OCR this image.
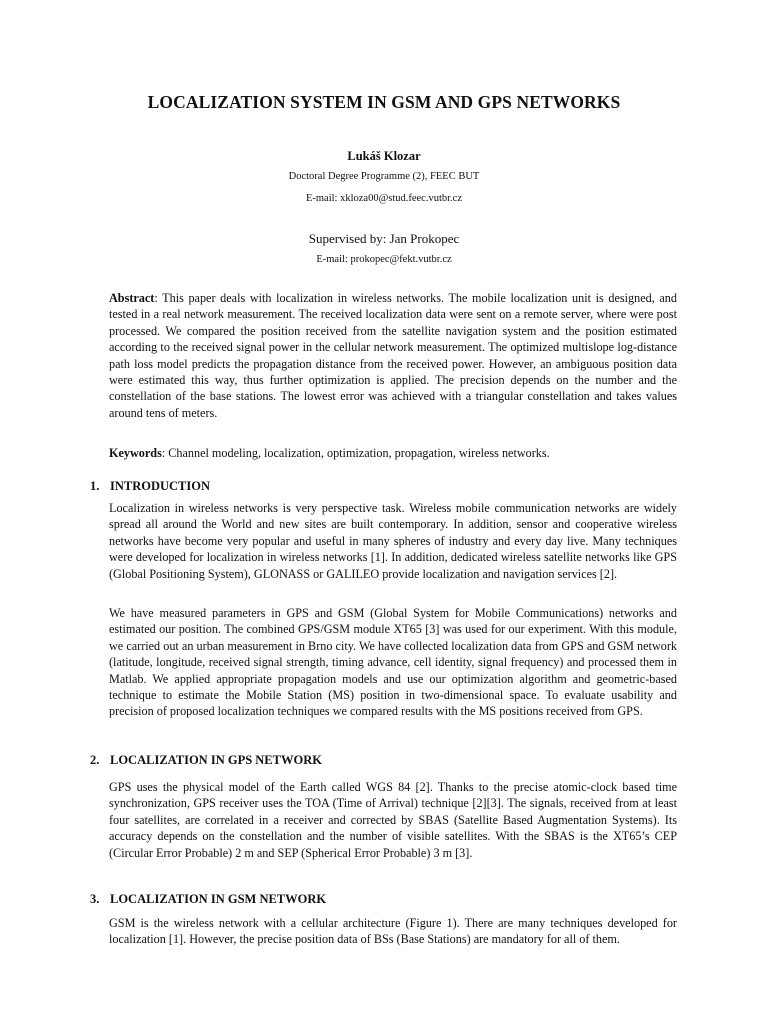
LOCALIZATION SYSTEM IN GSM AND GPS NETWORKS
Lukáš Klozar
Doctoral Degree Programme (2), FEEC BUT
E-mail: xkloza00@stud.feec.vutbr.cz
Supervised by: Jan Prokopec
E-mail: prokopec@fekt.vutbr.cz

Abstract: This paper deals with localization in wireless networks. The mobile localization unit is designed, and tested in a real network measurement. The received localization data were sent on a remote server, where were post processed. We compared the position received from the satellite navigation system and the position estimated according to the received signal power in the cellular network measurement. The optimized multislope log-distance path loss model predicts the propagation distance from the received power. However, an ambiguous position data were estimated this way, thus further optimization is applied. The precision depends on the number and the constellation of the base stations. The lowest error was achieved with a triangular constellation and takes values around tens of meters.

Keywords: Channel modeling, localization, optimization, propagation, wireless networks.

1. INTRODUCTION

Localization in wireless networks is very perspective task. Wireless mobile communication networks are widely spread all around the World and new sites are built contemporary. In addition, sensor and cooperative wireless networks have become very popular and useful in many spheres of industry and every day live. Many techniques were developed for localization in wireless networks [1]. In addition, dedicated wireless satellite networks like GPS (Global Positioning System), GLONASS or GALILEO provide localization and navigation services [2].

We have measured parameters in GPS and GSM (Global System for Mobile Communications) networks and estimated our position. The combined GPS/GSM module XT65 [3] was used for our experiment. With this module, we carried out an urban measurement in Brno city. We have collected localization data from GPS and GSM network (latitude, longitude, received signal strength, timing advance, cell identity, signal frequency) and processed them in Matlab. We applied appropriate propagation models and use our optimization algorithm and geometric-based technique to estimate the Mobile Station (MS) position in two-dimensional space. To evaluate usability and precision of proposed localization techniques we compared results with the MS positions received from GPS.

2. LOCALIZATION IN GPS NETWORK

GPS uses the physical model of the Earth called WGS 84 [2]. Thanks to the precise atomic-clock based time synchronization, GPS receiver uses the TOA (Time of Arrival) technique [2][3]. The signals, received from at least four satellites, are correlated in a receiver and corrected by SBAS (Satellite Based Augmentation Systems). Its accuracy depends on the constellation and the number of visible satellites. With the SBAS is the XT65’s CEP (Circular Error Probable) 2 m and SEP (Spherical Error Probable) 3 m [3].

3. LOCALIZATION IN GSM NETWORK

GSM is the wireless network with a cellular architecture (Figure 1). There are many techniques developed for localization [1]. However, the precise position data of BSs (Base Stations) are mandatory for all of them.
